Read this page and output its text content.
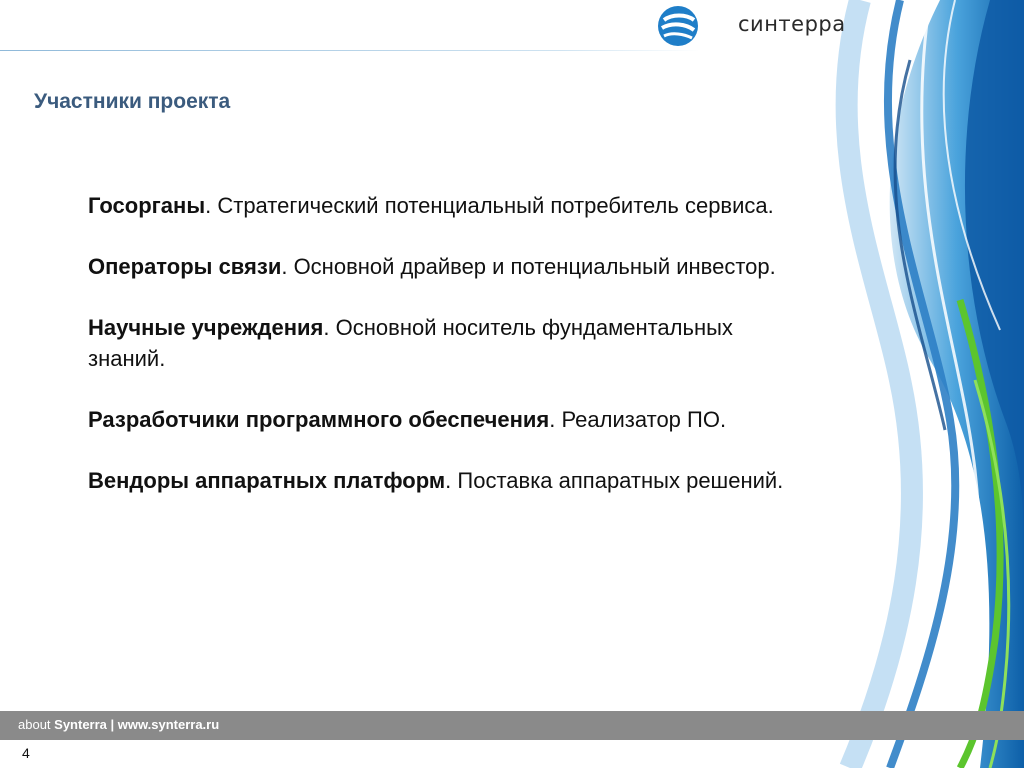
синтерра
Участники проекта

Госорганы. Стратегический потенциальный потребитель сервиса.

Операторы связи. Основной драйвер и потенциальный инвестор.

Научные учреждения. Основной носитель фундаментальных знаний.

Разработчики программного обеспечения. Реализатор ПО.

Вендоры аппаратных платформ. Поставка аппаратных решений.

about Synterra | www.synterra.ru
4
